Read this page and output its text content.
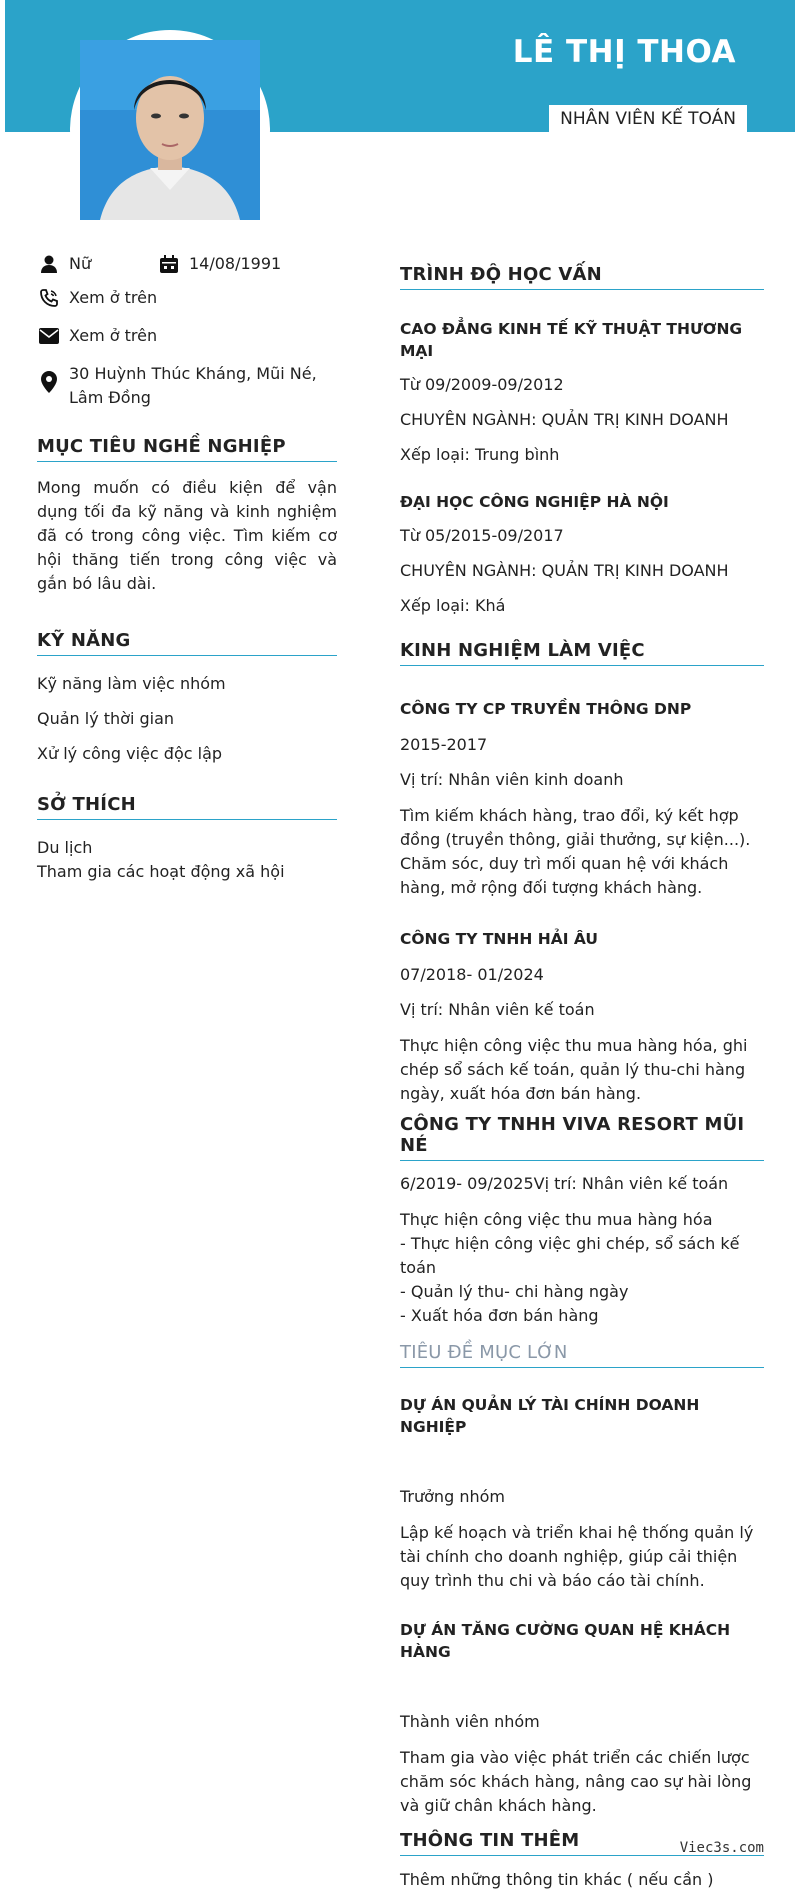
LÊ THỊ THOA
NHÂN VIÊN KẾ TOÁN
Nữ	14/08/1991
Xem ở trên
Xem ở trên
30 Huỳnh Thúc Kháng, Mũi Né, Lâm Đồng
MỤC TIÊU NGHỀ NGHIỆP
Mong muốn có điều kiện để vận dụng tối đa kỹ năng và kinh nghiệm đã có trong công việc. Tìm kiếm cơ hội thăng tiến trong công việc và gắn bó lâu dài.
KỸ NĂNG
Kỹ năng làm việc nhóm
Quản lý thời gian
Xử lý công việc độc lập
SỞ THÍCH
Du lịch
Tham gia các hoạt động xã hội
TRÌNH ĐỘ HỌC VẤN
CAO ĐẲNG KINH TẾ KỸ THUẬT THƯƠNG MẠI
Từ 09/2009-09/2012
CHUYÊN NGÀNH: QUẢN TRỊ KINH DOANH
Xếp loại: Trung bình
ĐẠI HỌC CÔNG NGHIỆP HÀ NỘI
Từ 05/2015-09/2017
CHUYÊN NGÀNH: QUẢN TRỊ KINH DOANH
Xếp loại: Khá
KINH NGHIỆM LÀM VIỆC
CÔNG TY CP TRUYỀN THÔNG DNP
2015-2017
Vị trí: Nhân viên kinh doanh
Tìm kiếm khách hàng, trao đổi, ký kết hợp đồng (truyền thông, giải thưởng, sự kiện...). Chăm sóc, duy trì mối quan hệ với khách hàng, mở rộng đối tượng khách hàng.
CÔNG TY TNHH HẢI ÂU
07/2018- 01/2024
Vị trí: Nhân viên kế toán
Thực hiện công việc thu mua hàng hóa, ghi chép sổ sách kế toán, quản lý thu-chi hàng ngày, xuất hóa đơn bán hàng.
CÔNG TY TNHH VIVA RESORT MŨI NÉ
6/2019- 09/2025Vị trí: Nhân viên kế toán
Thực hiện công việc thu mua hàng hóa
- Thực hiện công việc ghi chép, sổ sách kế toán
- Quản lý thu- chi hàng ngày
- Xuất hóa đơn bán hàng
TIÊU ĐỀ MỤC LỚN
DỰ ÁN QUẢN LÝ TÀI CHÍNH DOANH NGHIỆP
Trưởng nhóm
Lập kế hoạch và triển khai hệ thống quản lý tài chính cho doanh nghiệp, giúp cải thiện quy trình thu chi và báo cáo tài chính.
DỰ ÁN TĂNG CƯỜNG QUAN HỆ KHÁCH HÀNG
Thành viên nhóm
Tham gia vào việc phát triển các chiến lược chăm sóc khách hàng, nâng cao sự hài lòng và giữ chân khách hàng.
THÔNG TIN THÊM
Thêm những thông tin khác ( nếu cần )
Viec3s.com
